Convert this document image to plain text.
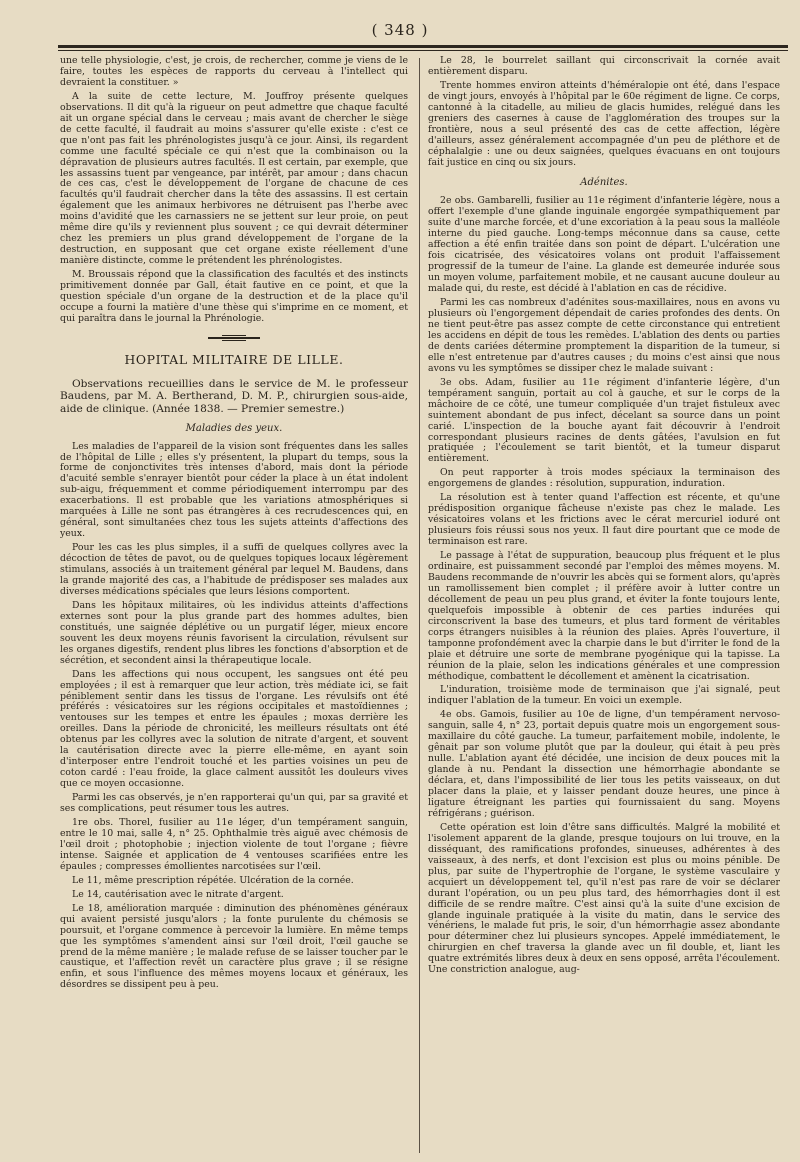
( 348 )

une telle physiologie, c'est, je crois, de rechercher, comme je viens de le faire, toutes les espèces de rapports du cerveau à l'intellect qui devraient la constituer. »

A la suite de cette lecture, M. Jouffroy présente quelques observations. Il dit qu'à la rigueur on peut admettre que chaque faculté ait un organe spécial dans le cerveau ; mais avant de chercher le siège de cette faculté, il faudrait au moins s'assurer qu'elle existe : c'est ce que n'ont pas fait les phrénologistes jusqu'à ce jour. Ainsi, ils regardent comme une faculté spéciale ce qui n'est que la combinaison ou la dépravation de plusieurs autres facultés. Il est certain, par exemple, que les assassins tuent par vengeance, par intérêt, par amour ; dans chacun de ces cas, c'est le développement de l'organe de chacune de ces facultés qu'il faudrait chercher dans la tête des assassins. Il est certain également que les animaux herbivores ne détruisent pas l'herbe avec moins d'avidité que les carnassiers ne se jettent sur leur proie, on peut même dire qu'ils y reviennent plus souvent ; ce qui devrait déterminer chez les premiers un plus grand développement de l'organe de la destruction, en supposant que cet organe existe réellement d'une manière distincte, comme le prétendent les phrénologistes.

M. Broussais répond que la classification des facultés et des instincts primitivement donnée par Gall, était fautive en ce point, et que la question spéciale d'un organe de la destruction et de la place qu'il occupe a fourni la matière d'une thèse qui s'imprime en ce moment, et qui paraîtra dans le journal la Phrénologie.

HOPITAL MILITAIRE DE LILLE.
Observations recueillies dans le service de M. le professeur Baudens, par M. A. Bertherand, D. M. P., chirurgien sous-aide, aide de clinique. (Année 1838. — Premier semestre.)
Maladies des yeux.

Les maladies de l'appareil de la vision sont fréquentes dans les salles de l'hôpital de Lille ; elles s'y présentent, la plupart du temps, sous la forme de conjonctivites très intenses d'abord, mais dont la période d'acuité semble s'enrayer bientôt pour céder la place à un état indolent sub-aigu, fréquemment et comme périodiquement interrompu par des exacerbations. Il est probable que les variations atmosphériques si marquées à Lille ne sont pas étrangères à ces recrudescences qui, en général, sont simultanées chez tous les sujets atteints d'affections des yeux.

Pour les cas les plus simples, il a suffi de quelques collyres avec la décoction de têtes de pavot, ou de quelques topiques locaux légèrement stimulans, associés à un traitement général par lequel M. Baudens, dans la grande majorité des cas, a l'habitude de prédisposer ses malades aux diverses médications spéciales que leurs lésions comportent.

Dans les hôpitaux militaires, où les individus atteints d'affections externes sont pour la plus grande part des hommes adultes, bien constitués, une saignée déplétive ou un purgatif léger, mieux encore souvent les deux moyens réunis favorisent la circulation, révulsent sur les organes digestifs, rendent plus libres les fonctions d'absorption et de sécrétion, et secondent ainsi la thérapeutique locale.

Dans les affections qui nous occupent, les sangsues ont été peu employées ; il est à remarquer que leur action, très médiate ici, se fait péniblement sentir dans les tissus de l'organe. Les révulsifs ont été préférés : vésicatoires sur les régions occipitales et mastoïdiennes ; ventouses sur les tempes et entre les épaules ; moxas derrière les oreilles. Dans la période de chronicité, les meilleurs résultats ont été obtenus par les collyres avec la solution de nitrate d'argent, et souvent la cautérisation directe avec la pierre elle-même, en ayant soin d'interposer entre l'endroit touché et les parties voisines un peu de coton cardé : l'eau froide, la glace calment aussitôt les douleurs vives que ce moyen occasionne.

Parmi les cas observés, je n'en rapporterai qu'un qui, par sa gravité et ses complications, peut résumer tous les autres.

1re obs. Thorel, fusilier au 11e léger, d'un tempérament sanguin, entre le 10 mai, salle 4, n° 25. Ophthalmie très aiguë avec chémosis de l'œil droit ; photophobie ; injection violente de tout l'organe ; fièvre intense. Saignée et application de 4 ventouses scarifiées entre les épaules ; compresses émollientes narcotisées sur l'œil.

Le 11, même prescription répétée. Ulcération de la cornée.

Le 14, cautérisation avec le nitrate d'argent.

Le 18, amélioration marquée : diminution des phénomènes généraux qui avaient persisté jusqu'alors ; la fonte purulente du chémosis se poursuit, et l'organe commence à percevoir la lumière. En même temps que les symptômes s'amendent ainsi sur l'œil droit, l'œil gauche se prend de la même manière ; le malade refuse de se laisser toucher par le caustique, et l'affection revêt un caractère plus grave ; il se résigne enfin, et sous l'influence des mêmes moyens locaux et généraux, les désordres se dissipent peu à peu.

Le 28, le bourrelet saillant qui circonscrivait la cornée avait entièrement disparu.

Trente hommes environ atteints d'héméralopie ont été, dans l'espace de vingt jours, envoyés à l'hôpital par le 60e régiment de ligne. Ce corps, cantonné à la citadelle, au milieu de glacis humides, relégué dans les greniers des casernes à cause de l'agglomération des troupes sur la frontière, nous a seul présenté des cas de cette affection, légère d'ailleurs, assez généralement accompagnée d'un peu de pléthore et de céphalalgie : une ou deux saignées, quelques évacuans en ont toujours fait justice en cinq ou six jours.

Adénites.

2e obs. Gambarelli, fusilier au 11e régiment d'infanterie légère, nous a offert l'exemple d'une glande inguinale engorgée sympathiquement par suite d'une marche forcée, et d'une excoriation à la peau sous la malléole interne du pied gauche. Long-temps méconnue dans sa cause, cette affection a été enfin traitée dans son point de départ. L'ulcération une fois cicatrisée, des vésicatoires volans ont produit l'affaissement progressif de la tumeur de l'aine. La glande est demeurée indurée sous un moyen volume, parfaitement mobile, et ne causant aucune douleur au malade qui, du reste, est décidé à l'ablation en cas de récidive.

Parmi les cas nombreux d'adénites sous-maxillaires, nous en avons vu plusieurs où l'engorgement dépendait de caries profondes des dents. On ne tient peut-être pas assez compte de cette circonstance qui entretient les accidens en dépit de tous les remèdes. L'ablation des dents ou parties de dents cariées détermine promptement la disparition de la tumeur, si elle n'est entretenue par d'autres causes ; du moins c'est ainsi que nous avons vu les symptômes se dissiper chez le malade suivant :

3e obs. Adam, fusilier au 11e régiment d'infanterie légère, d'un tempérament sanguin, portait au col à gauche, et sur le corps de la mâchoire de ce côté, une tumeur compliquée d'un trajet fistuleux avec suintement abondant de pus infect, décelant sa source dans un point carié. L'inspection de la bouche ayant fait découvrir à l'endroit correspondant plusieurs racines de dents gâtées, l'avulsion en fut pratiquée ; l'écoulement se tarit bientôt, et la tumeur disparut entièrement.

On peut rapporter à trois modes spéciaux la terminaison des engorgemens de glandes : résolution, suppuration, induration.

La résolution est à tenter quand l'affection est récente, et qu'une prédisposition organique fâcheuse n'existe pas chez le malade. Les vésicatoires volans et les frictions avec le cérat mercuriel ioduré ont plusieurs fois réussi sous nos yeux. Il faut dire pourtant que ce mode de terminaison est rare.

Le passage à l'état de suppuration, beaucoup plus fréquent et le plus ordinaire, est puissamment secondé par l'emploi des mêmes moyens. M. Baudens recommande de n'ouvrir les abcès qui se forment alors, qu'après un ramollissement bien complet ; il préfère avoir à lutter contre un décollement de peau un peu plus grand, et éviter la fonte toujours lente, quelquefois impossible à obtenir de ces parties indurées qui circonscrivent la base des tumeurs, et plus tard forment de véritables corps étrangers nuisibles à la réunion des plaies. Après l'ouverture, il tamponne profondément avec la charpie dans le but d'irriter le fond de la plaie et détruire une sorte de membrane pyogénique qui la tapisse. La réunion de la plaie, selon les indications générales et une compression méthodique, combattent le décollement et amènent la cicatrisation.

L'induration, troisième mode de terminaison que j'ai signalé, peut indiquer l'ablation de la tumeur. En voici un exemple.

4e obs. Gamois, fusilier au 10e de ligne, d'un tempérament nervoso-sanguin, salle 4, n° 23, portait depuis quatre mois un engorgement sous-maxillaire du côté gauche. La tumeur, parfaitement mobile, indolente, le gênait par son volume plutôt que par la douleur, qui était à peu près nulle. L'ablation ayant été décidée, une incision de deux pouces mit la glande à nu. Pendant la dissection une hémorrhagie abondante se déclara, et, dans l'impossibilité de lier tous les petits vaisseaux, on dut placer dans la plaie, et y laisser pendant douze heures, une pince à ligature étreignant les parties qui fournissaient du sang. Moyens réfrigérans ; guérison.

Cette opération est loin d'être sans difficultés. Malgré la mobilité et l'isolement apparent de la glande, presque toujours on lui trouve, en la disséquant, des ramifications profondes, sinueuses, adhérentes à des vaisseaux, à des nerfs, et dont l'excision est plus ou moins pénible. De plus, par suite de l'hypertrophie de l'organe, le système vasculaire y acquiert un développement tel, qu'il n'est pas rare de voir se déclarer durant l'opération, ou un peu plus tard, des hémorrhagies dont il est difficile de se rendre maître. C'est ainsi qu'à la suite d'une excision de glande inguinale pratiquée à la visite du matin, dans le service des vénériens, le malade fut pris, le soir, d'un hémorrhagie assez abondante pour déterminer chez lui plusieurs syncopes. Appelé immédiatement, le chirurgien en chef traversa la glande avec un fil double, et, liant les quatre extrémités libres deux à deux en sens opposé, arrêta l'écoulement. Une constriction analogue, aug-
